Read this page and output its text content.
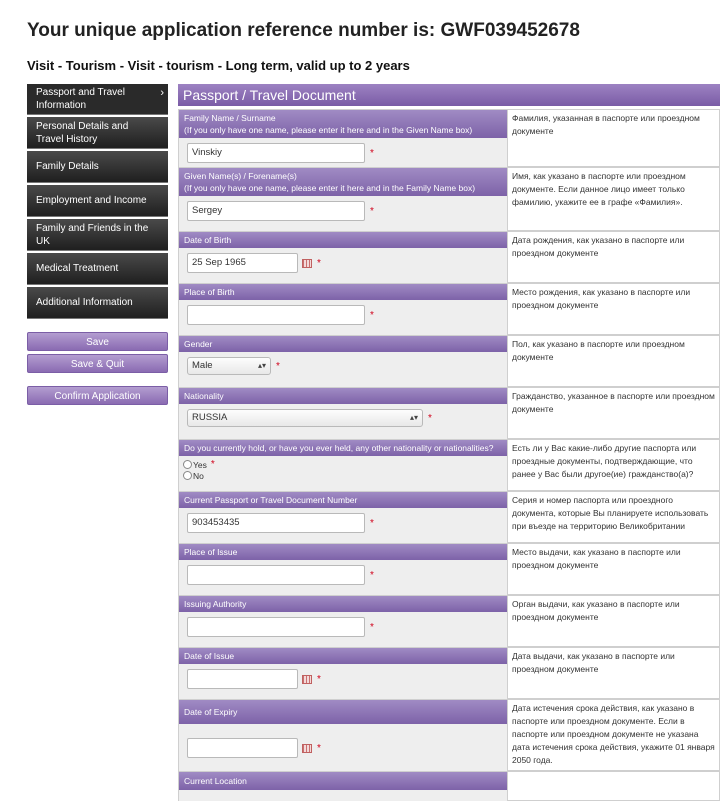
Your unique application reference number is: GWF039452678
Visit - Tourism - Visit - tourism - Long term, valid up to 2 years
Passport and Travel Information
›
Personal Details and Travel History
Family Details
Employment and Income
Family and Friends in the UK
Medical Treatment
Additional Information
Save
Save & Quit
Confirm Application
Passport / Travel Document
Family Name / Surname
(If you only have one name, please enter it here and in the Given Name box)
Vinskiy	*
Фамилия, указанная в паспорте или проездном документе
Given Name(s) / Forename(s)
(If you only have one name, please enter it here and in the Family Name box)
Sergey	*
Имя, как указано в паспорте или проездном документе. Если данное лицо имеет только фамилию, укажите ее в графе «Фамилия».
Date of Birth
25 Sep 1965	*
Дата рождения, как указано в паспорте или проездном документе
Place of Birth
*
Место рождения, как указано в паспорте или проездном документе
Gender
Male	▴▾ *
Пол, как указано в паспорте или проездном документе
Nationality
RUSSIA	▴▾ *
Гражданство, указанное в паспорте или проездном документе
Do you currently hold, or have you ever held, any other nationality or nationalities?
Yes *
No
Есть ли у Вас какие-либо другие паспорта или проездные документы, подтверждающие, что ранее у Вас были другое(ие) гражданство(а)?
Current Passport or Travel Document Number
903453435	*
Серия и номер паспорта или проездного документа, которые Вы планируете использовать при въезде на территорию Великобритании
Place of Issue
*
Место выдачи, как указано в паспорте или проездном документе
Issuing Authority
*
Орган выдачи, как указано в паспорте или проездном документе
Date of Issue
*
Дата выдачи, как указано в паспорте или проездном документе
Date of Expiry
*
Дата истечения срока действия, как указано в паспорте или проездном документе. Если в паспорте или проездном документе не указана дата истечения срока действия, укажите 01 января 2050 года.
Current Location
